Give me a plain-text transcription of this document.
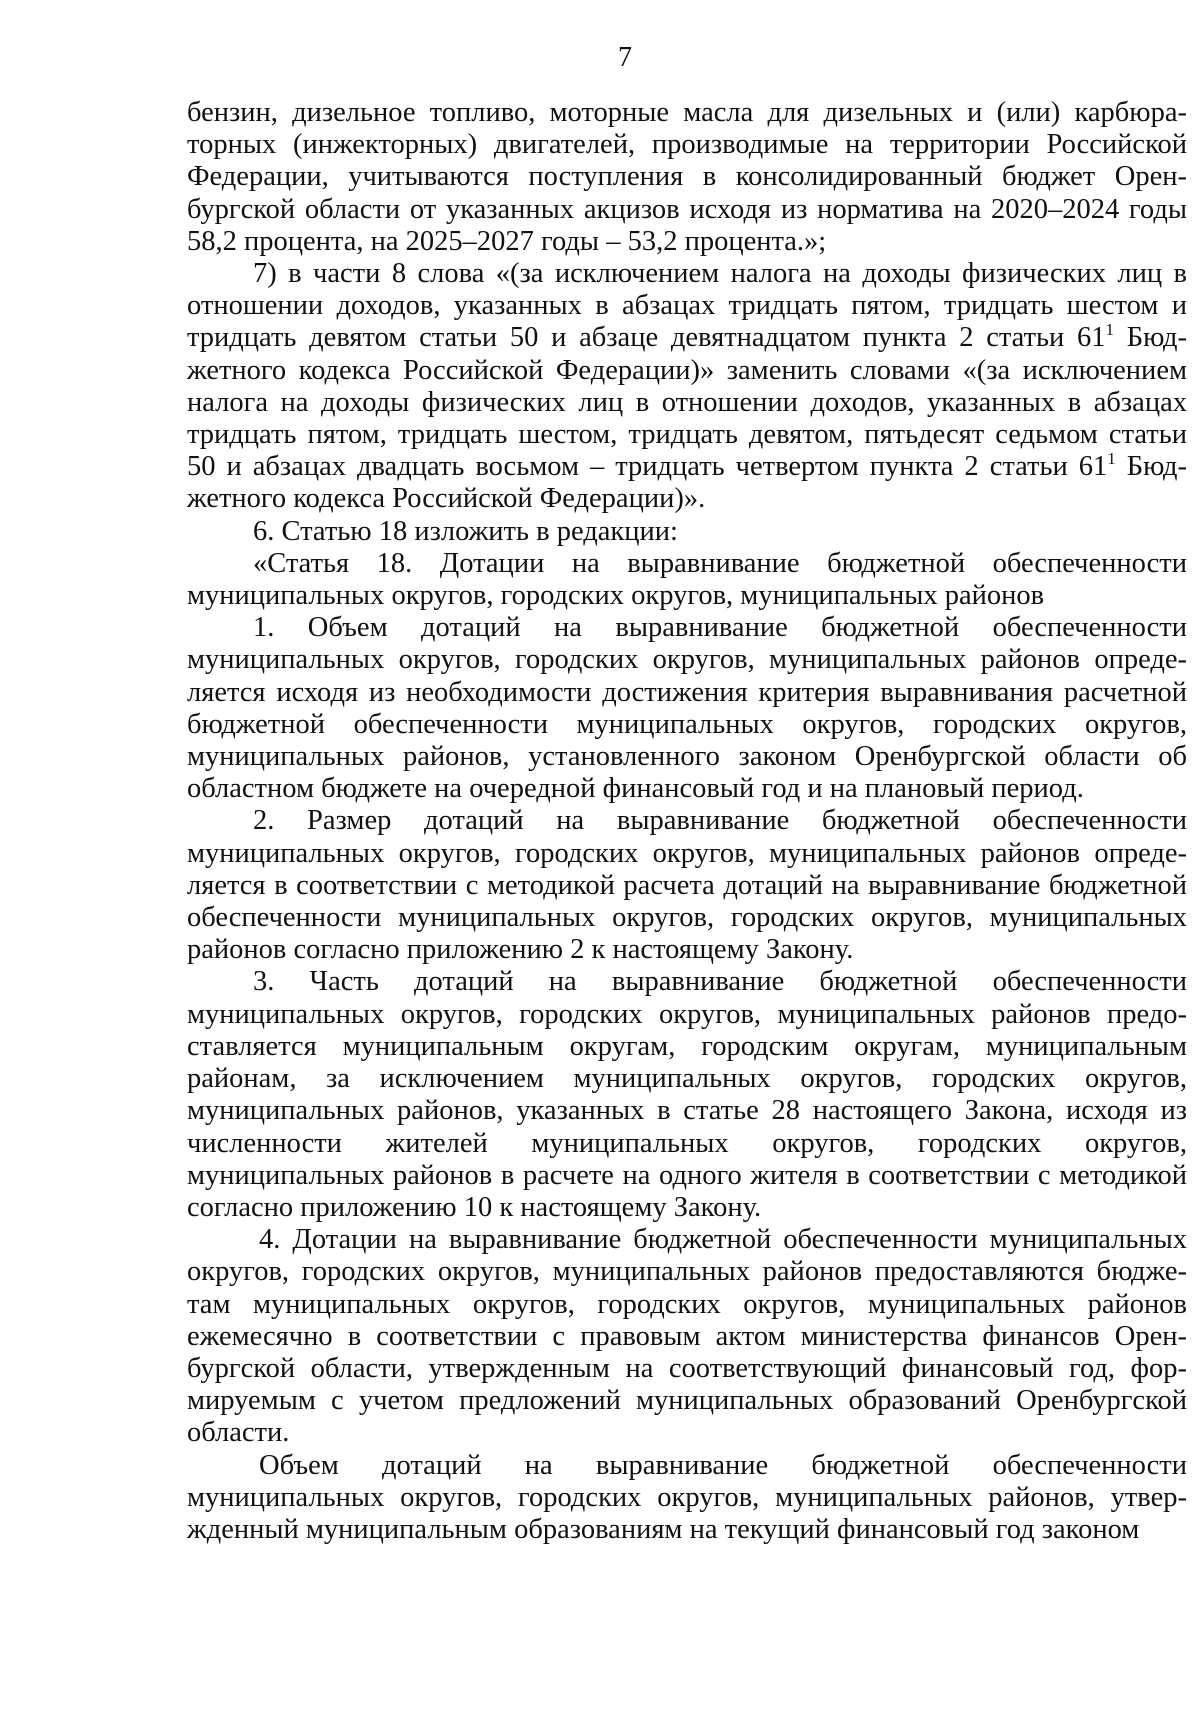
7

бензин, дизельное топливо, моторные масла для дизельных и (или) карбюраторных (инжекторных) двигателей, производимые на территории Российской Федерации, учитываются поступления в консолидированный бюджет Оренбургской области от указанных акцизов исходя из норматива на 2020–2024 годы 58,2 процента, на 2025–2027 годы – 53,2 процента.»;

7) в части 8 слова «(за исключением налога на доходы физических лиц в отношении доходов, указанных в абзацах тридцать пятом, тридцать шестом и тридцать девятом статьи 50 и абзаце девятнадцатом пункта 2 статьи $61^1$ Бюджетного кодекса Российской Федерации)» заменить словами «(за исключением налога на доходы физических лиц в отношении доходов, указанных в абзацах тридцать пятом, тридцать шестом, тридцать девятом, пятьдесят седьмом статьи 50 и абзацах двадцать восьмом – тридцать четвертом пункта 2 статьи $61^1$ Бюджетного кодекса Российской Федерации)».

6. Статью 18 изложить в редакции:

«Статья 18. Дотации на выравнивание бюджетной обеспеченности муниципальных округов, городских округов, муниципальных районов

1. Объем дотаций на выравнивание бюджетной обеспеченности муниципальных округов, городских округов, муниципальных районов определяется исходя из необходимости достижения критерия выравнивания расчетной бюджетной обеспеченности муниципальных округов, городских округов, муниципальных районов, установленного законом Оренбургской области об областном бюджете на очередной финансовый год и на плановый период.

2. Размер дотаций на выравнивание бюджетной обеспеченности муниципальных округов, городских округов, муниципальных районов определяется в соответствии с методикой расчета дотаций на выравнивание бюджетной обеспеченности муниципальных округов, городских округов, муниципальных районов согласно приложению 2 к настоящему Закону.

3. Часть дотаций на выравнивание бюджетной обеспеченности муниципальных округов, городских округов, муниципальных районов предоставляется муниципальным округам, городским округам, муниципальным районам, за исключением муниципальных округов, городских округов, муниципальных районов, указанных в статье 28 настоящего Закона, исходя из численности жителей муниципальных округов, городских округов, муниципальных районов в расчете на одного жителя в соответствии с методикой согласно приложению 10 к настоящему Закону.

4. Дотации на выравнивание бюджетной обеспеченности муниципальных округов, городских округов, муниципальных районов предоставляются бюджетам муниципальных округов, городских округов, муниципальных районов ежемесячно в соответствии с правовым актом министерства финансов Оренбургской области, утвержденным на соответствующий финансовый год, формируемым с учетом предложений муниципальных образований Оренбургской области.

Объем дотаций на выравнивание бюджетной обеспеченности муниципальных округов, городских округов, муниципальных районов, утвержденный муниципальным образованиям на текущий финансовый год законом
